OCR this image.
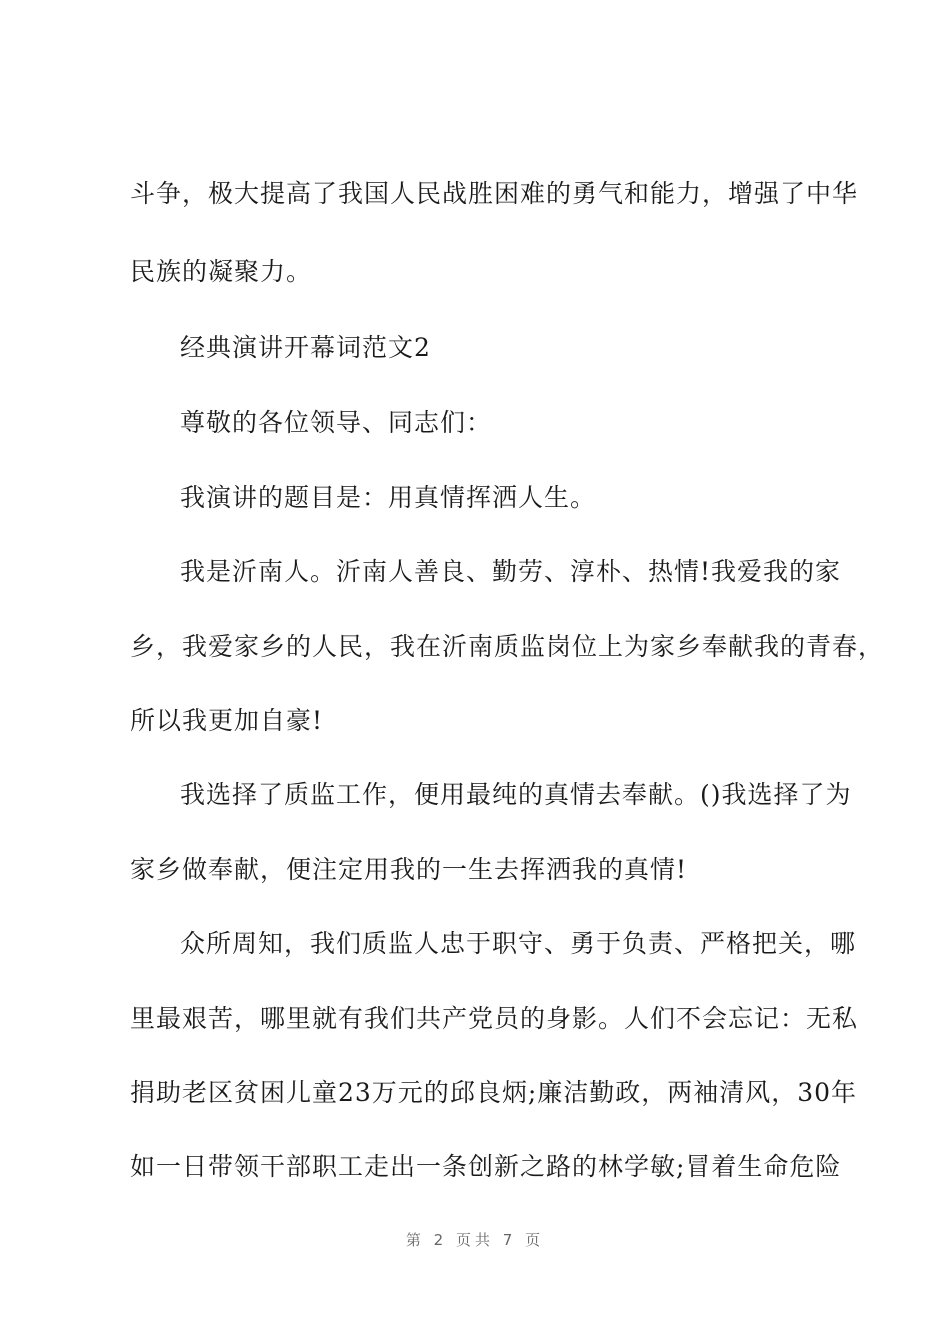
斗争，极大提高了我国人民战胜困难的勇气和能力，增强了中华
民族的凝聚力。
经典演讲开幕词范文2
尊敬的各位领导、同志们：
我演讲的题目是：用真情挥洒人生。
我是沂南人。沂南人善良、勤劳、淳朴、热情!我爱我的家
乡，我爱家乡的人民，我在沂南质监岗位上为家乡奉献我的青春，
所以我更加自豪!
我选择了质监工作，便用最纯的真情去奉献。()我选择了为
家乡做奉献，便注定用我的一生去挥洒我的真情!
众所周知，我们质监人忠于职守、勇于负责、严格把关，哪
里最艰苦，哪里就有我们共产党员的身影。人们不会忘记：无私
捐助老区贫困儿童23万元的邱良炳;廉洁勤政，两袖清风，30年
如一日带领干部职工走出一条创新之路的林学敏;冒着生命危险
第 2 页共 7 页
